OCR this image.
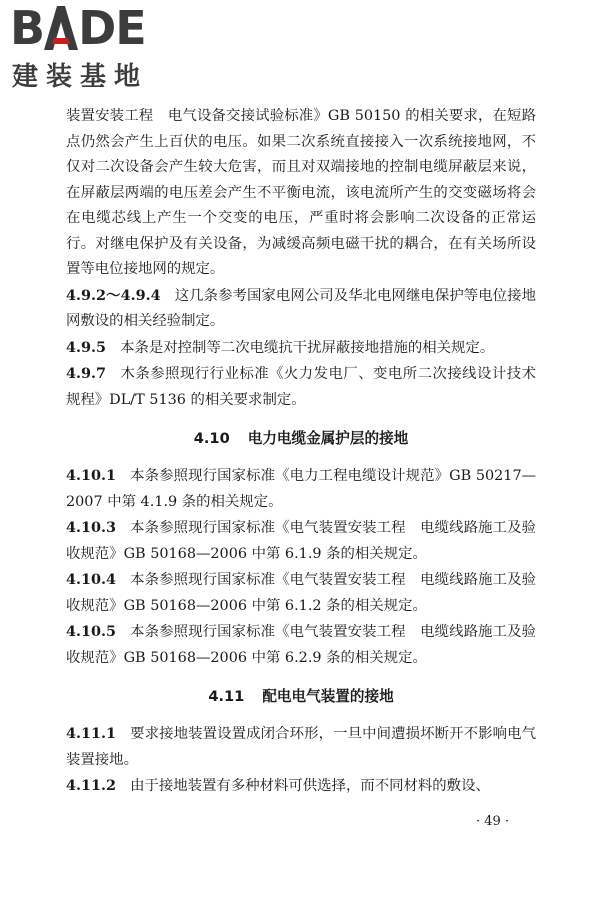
B D E
建装基地

装置安装工程　电气设备交接试验标准》GB 50150 的相关要求，在短路点仍然会产生上百伏的电压。如果二次系统直接接入一次系统接地网，不仅对二次设备会产生较大危害，而且对双端接地的控制电缆屏蔽层来说，在屏蔽层两端的电压差会产生不平衡电流，该电流所产生的交变磁场将会在电缆芯线上产生一个交变的电压，严重时将会影响二次设备的正常运行。对继电保护及有关设备，为减缓高频电磁干扰的耦合，在有关场所设置等电位接地网的规定。

4.9.2～4.9.4 这几条参考国家电网公司及华北电网继电保护等电位接地网敷设的相关经验制定。

4.9.5 本条是对控制等二次电缆抗干扰屏蔽接地措施的相关规定。

4.9.7 木条参照现行行业标准《火力发电厂、变电所二次接线设计技术规程》DL/T 5136 的相关要求制定。

4.10 电力电缆金属护层的接地

4.10.1 本条参照现行国家标准《电力工程电缆设计规范》GB 50217—2007 中第 4.1.9 条的相关规定。

4.10.3 本条参照现行国家标准《电气装置安装工程　电缆线路施工及验收规范》GB 50168—2006 中第 6.1.9 条的相关规定。

4.10.4 本条参照现行国家标准《电气装置安装工程　电缆线路施工及验收规范》GB 50168—2006 中第 6.1.2 条的相关规定。

4.10.5 本条参照现行国家标准《电气装置安装工程　电缆线路施工及验收规范》GB 50168—2006 中第 6.2.9 条的相关规定。

4.11 配电电气装置的接地

4.11.1 要求接地装置设置成闭合环形，一旦中间遭损坏断开不影响电气装置接地。

4.11.2 由于接地装置有多种材料可供选择，而不同材料的敷设、

· 49 ·
